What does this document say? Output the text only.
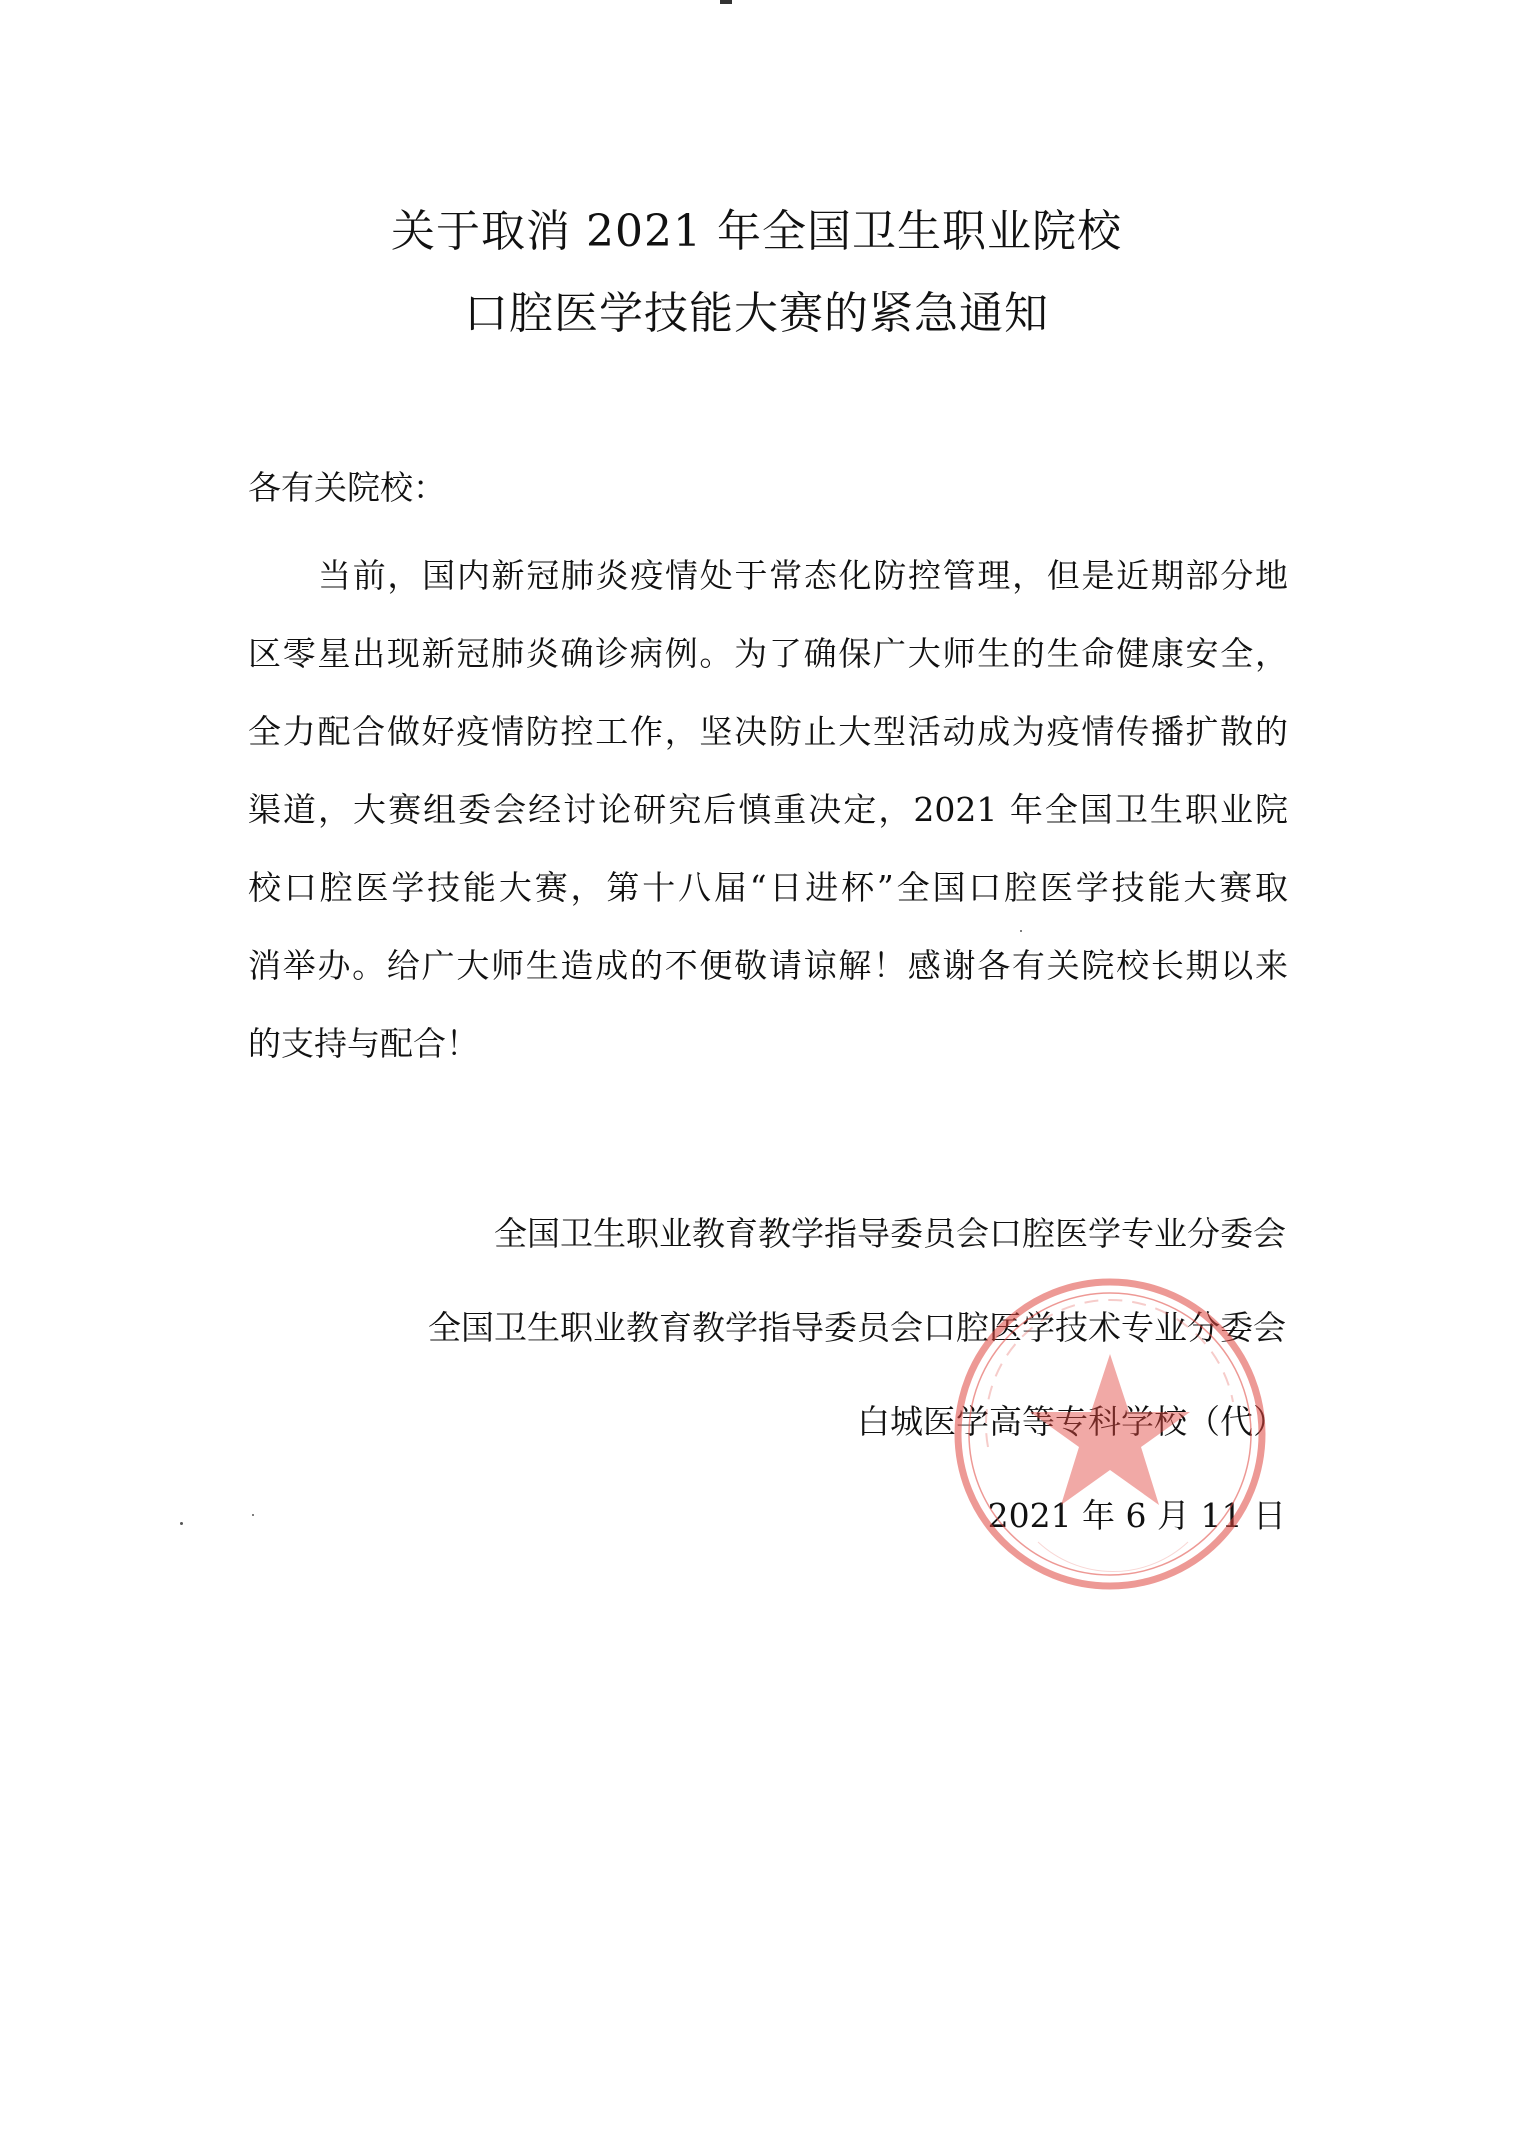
关于取消 2021 年全国卫生职业院校
口腔医学技能大赛的紧急通知
各有关院校：
当前，国内新冠肺炎疫情处于常态化防控管理，但是近期部分地
区零星出现新冠肺炎确诊病例。为了确保广大师生的生命健康安全，
全力配合做好疫情防控工作，坚决防止大型活动成为疫情传播扩散的
渠道，大赛组委会经讨论研究后慎重决定，2021 年全国卫生职业院
校口腔医学技能大赛，第十八届“日进杯”全国口腔医学技能大赛取
消举办。给广大师生造成的不便敬请谅解！感谢各有关院校长期以来
的支持与配合！
全国卫生职业教育教学指导委员会口腔医学专业分委会
全国卫生职业教育教学指导委员会口腔医学技术专业分委会
白城医学高等专科学校（代）
2021 年 6 月 11 日
